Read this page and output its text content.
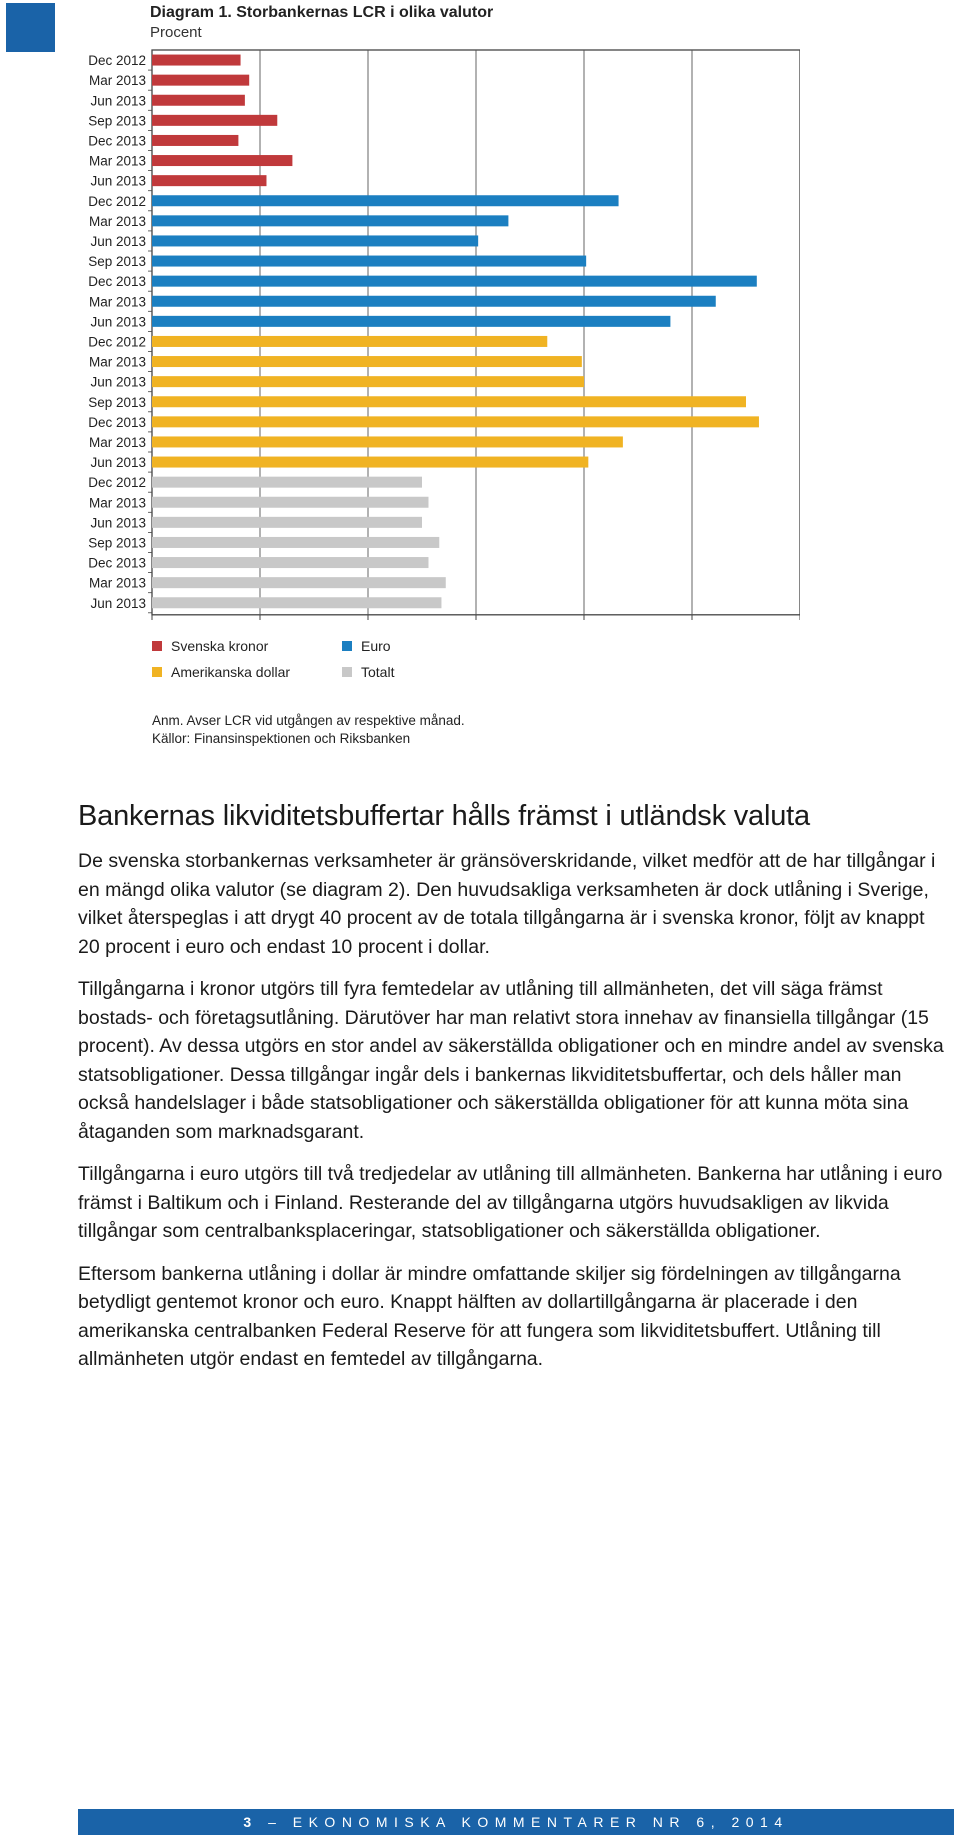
Diagram 1. Storbankernas LCR i olika valutor
Procent
Dec 2012
Mar 2013
Jun 2013
Sep 2013
Dec 2013
Mar 2013
Jun 2013
Dec 2012
Mar 2013
Jun 2013
Sep 2013
Dec 2013
Mar 2013
Jun 2013
Dec 2012
Mar 2013
Jun 2013
Sep 2013
Dec 2013
Mar 2013
Jun 2013
Dec 2012
Mar 2013
Jun 2013
Sep 2013
Dec 2013
Mar 2013
Jun 2013
Svenska kronor	Euro
Amerikanska dollar	Totalt
Anm. Avser LCR vid utgången av respektive månad.
Källor: Finansinspektionen och Riksbanken
Bankernas likviditetsbuffertar hålls främst i utländsk valuta

De svenska storbankernas verksamheter är gränsöverskridande, vilket medför att de har tillgångar i en mängd olika valutor (se diagram 2). Den huvudsakliga verksamheten är dock utlåning i Sverige, vilket återspeglas i att drygt 40 procent av de totala tillgångarna är i svenska kronor, följt av knappt 20 procent i euro och endast 10 procent i dollar.

Tillgångarna i kronor utgörs till fyra femtedelar av utlåning till allmänheten, det vill säga främst bostads- och företagsutlåning. Därutöver har man relativt stora innehav av finansiella tillgångar (15 procent). Av dessa utgörs en stor andel av säkerställda obligationer och en mindre andel av svenska statsobligationer. Dessa tillgångar ingår dels i bankernas likviditetsbuffertar, och dels håller man också handelslager i både statsobligationer och säkerställda obligationer för att kunna möta sina åtaganden som marknadsgarant.

Tillgångarna i euro utgörs till två tredjedelar av utlåning till allmänheten. Bankerna har utlåning i euro främst i Baltikum och i Finland. Resterande del av tillgångarna utgörs huvudsakligen av likvida tillgångar som centralbanksplaceringar, statsobligationer och säkerställda obligationer.

Eftersom bankerna utlåning i dollar är mindre omfattande skiljer sig fördelningen av tillgångarna betydligt gentemot kronor och euro. Knappt hälften av dollartillgångarna är placerade i den amerikanska centralbanken Federal Reserve för att fungera som likviditetsbuffert. Utlåning till allmänheten utgör endast en femtedel av tillgångarna.

3 – EKONOMISKA KOMMENTARER NR 6, 2014
